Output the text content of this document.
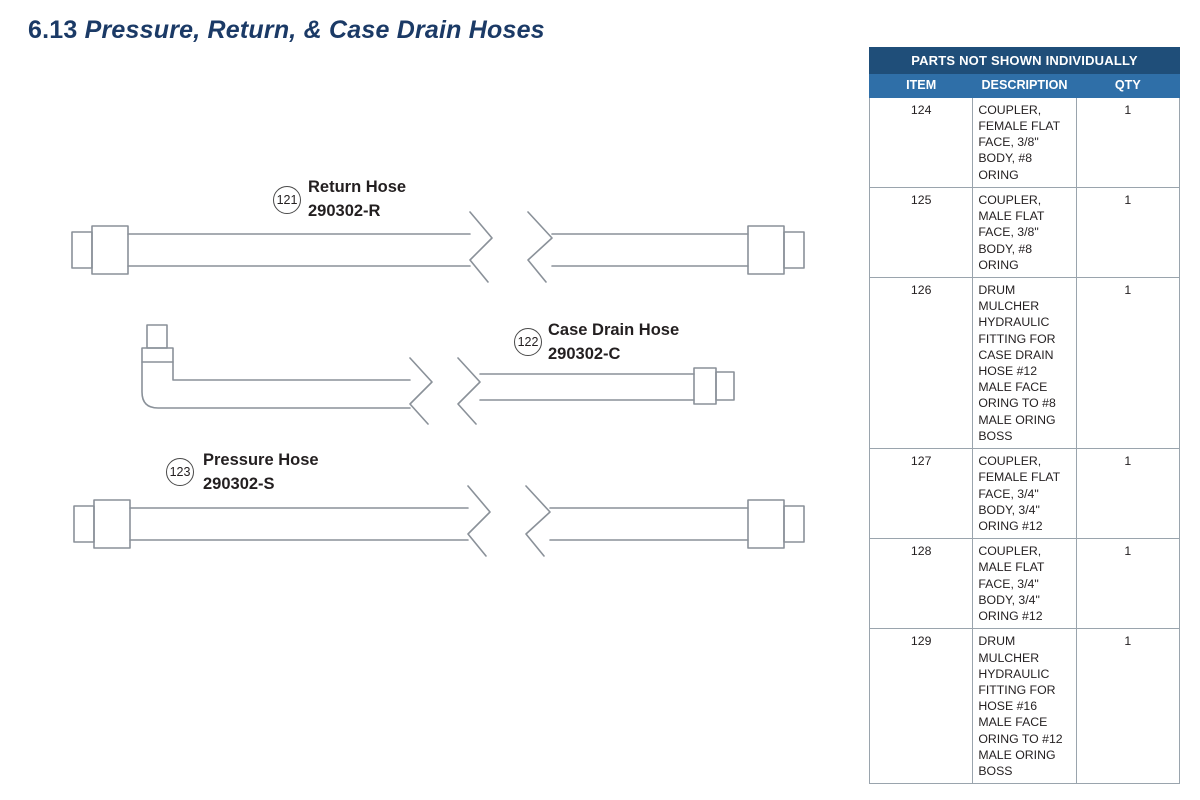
6.13 Pressure, Return, & Case Drain Hoses
121
Return Hose
290302-R
122
Case Drain Hose
290302-C
123
Pressure Hose
290302-S
PARTS NOT SHOWN INDIVIDUALLY		
ITEM	DESCRIPTION	QTY
124	COUPLER, FEMALE FLAT FACE, 3/8" BODY, #8 ORING	1
125	COUPLER, MALE FLAT FACE, 3/8" BODY, #8 ORING	1
126	DRUM MULCHER HYDRAULIC FITTING FOR CASE DRAIN HOSE #12 MALE FACE ORING TO #8 MALE ORING BOSS	1
127	COUPLER, FEMALE FLAT FACE, 3/4" BODY, 3/4" ORING #12	1
128	COUPLER, MALE FLAT FACE, 3/4" BODY, 3/4" ORING #12	1
129	DRUM MULCHER HYDRAULIC FITTING FOR HOSE #16 MALE FACE ORING TO #12 MALE ORING BOSS	1
